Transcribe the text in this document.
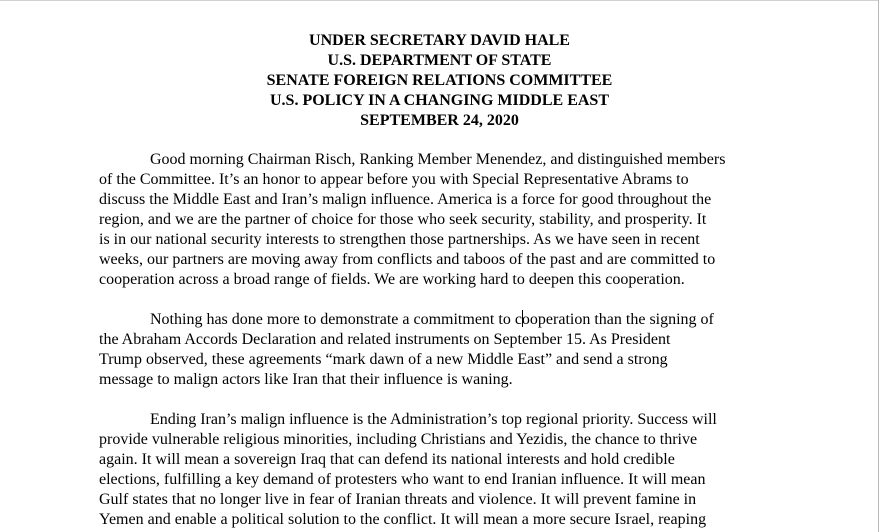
UNDER SECRETARY DAVID HALE
U.S. DEPARTMENT OF STATE
SENATE FOREIGN RELATIONS COMMITTEE
U.S. POLICY IN A CHANGING MIDDLE EAST
SEPTEMBER 24, 2020
Good morning Chairman Risch, Ranking Member Menendez, and distinguished members
of the Committee. It’s an honor to appear before you with Special Representative Abrams to
discuss the Middle East and Iran’s malign influence. America is a force for good throughout the
region, and we are the partner of choice for those who seek security, stability, and prosperity. It
is in our national security interests to strengthen those partnerships. As we have seen in recent
weeks, our partners are moving away from conflicts and taboos of the past and are committed to
cooperation across a broad range of fields. We are working hard to deepen this cooperation.
Nothing has done more to demonstrate a commitment to cooperation than the signing of
the Abraham Accords Declaration and related instruments on September 15. As President
Trump observed, these agreements “mark dawn of a new Middle East” and send a strong
message to malign actors like Iran that their influence is waning.
Ending Iran’s malign influence is the Administration’s top regional priority. Success will
provide vulnerable religious minorities, including Christians and Yezidis, the chance to thrive
again. It will mean a sovereign Iraq that can defend its national interests and hold credible
elections, fulfilling a key demand of protesters who want to end Iranian influence. It will mean
Gulf states that no longer live in fear of Iranian threats and violence. It will prevent famine in
Yemen and enable a political solution to the conflict. It will mean a more secure Israel, reaping
